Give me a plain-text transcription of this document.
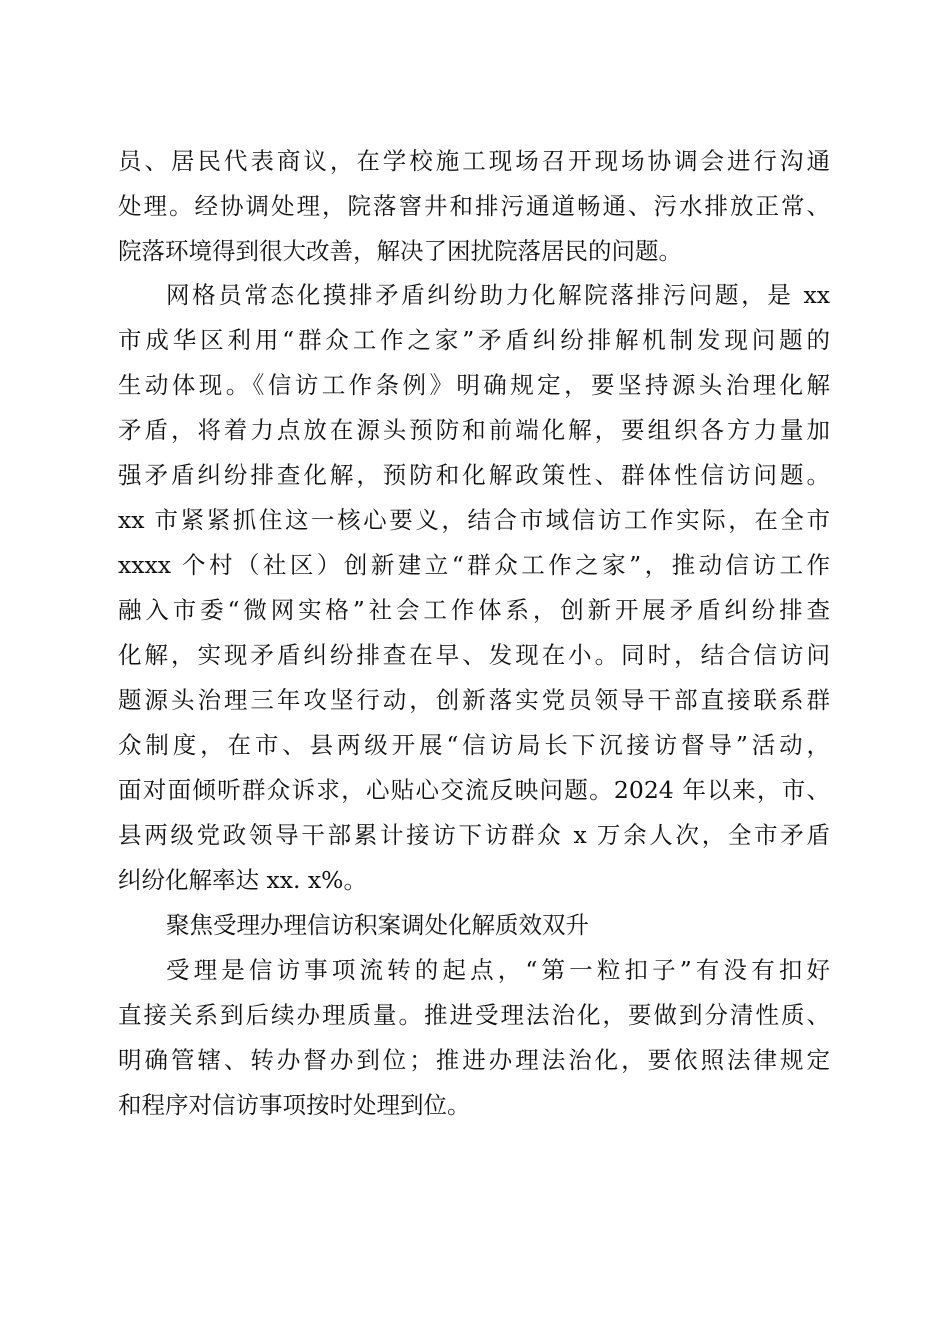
员、居民代表商议，在学校施工现场召开现场协调会进行沟通
处理。经协调处理，院落窨井和排污通道畅通、污水排放正常、
院落环境得到很大改善，解决了困扰院落居民的问题。
网格员常态化摸排矛盾纠纷助力化解院落排污问题，是 xx
市成华区利用“群众工作之家”矛盾纠纷排解机制发现问题的
生动体现。《信访工作条例》明确规定，要坚持源头治理化解
矛盾，将着力点放在源头预防和前端化解，要组织各方力量加
强矛盾纠纷排查化解，预防和化解政策性、群体性信访问题。
xx 市紧紧抓住这一核心要义，结合市域信访工作实际，在全市
xxxx 个村（社区）创新建立“群众工作之家”，推动信访工作
融入市委“微网实格”社会工作体系，创新开展矛盾纠纷排查
化解，实现矛盾纠纷排查在早、发现在小。同时，结合信访问
题源头治理三年攻坚行动，创新落实党员领导干部直接联系群
众制度，在市、县两级开展“信访局长下沉接访督导”活动，
面对面倾听群众诉求，心贴心交流反映问题。2024 年以来，市、
县两级党政领导干部累计接访下访群众 x 万余人次，全市矛盾
纠纷化解率达 xx. x%。
聚焦受理办理信访积案调处化解质效双升
受理是信访事项流转的起点，“第一粒扣子”有没有扣好
直接关系到后续办理质量。推进受理法治化，要做到分清性质、
明确管辖、转办督办到位；推进办理法治化，要依照法律规定
和程序对信访事项按时处理到位。
